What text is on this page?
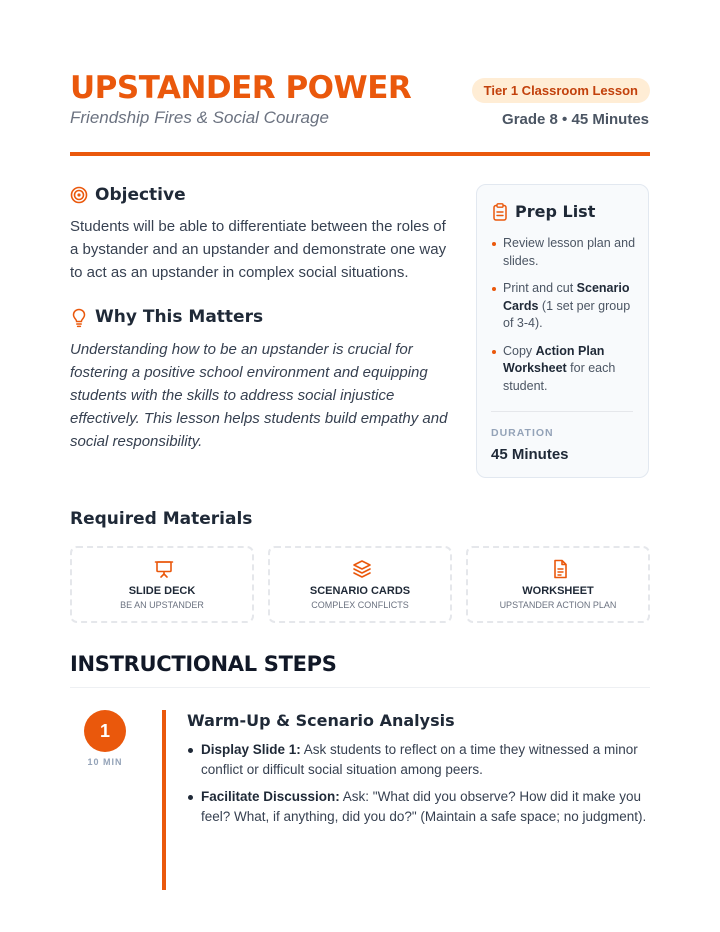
UPSTANDER POWER
Friendship Fires & Social Courage
Tier 1 Classroom Lesson
Grade 8 • 45 Minutes
Objective
Students will be able to differentiate between the roles of a bystander and an upstander and demonstrate one way to act as an upstander in complex social situations.
Why This Matters
Understanding how to be an upstander is crucial for fostering a positive school environment and equipping students with the skills to address social injustice effectively. This lesson helps students build empathy and social responsibility.
Prep List
Review lesson plan and slides.
Print and cut Scenario Cards (1 set per group of 3-4).
Copy Action Plan Worksheet for each student.
DURATION
45 Minutes
Required Materials
SLIDE DECK
BE AN UPSTANDER
SCENARIO CARDS
COMPLEX CONFLICTS
WORKSHEET
UPSTANDER ACTION PLAN
INSTRUCTIONAL STEPS
1
10 MIN
Warm-Up & Scenario Analysis
Display Slide 1: Ask students to reflect on a time they witnessed a minor conflict or difficult social situation among peers.
Facilitate Discussion: Ask: "What did you observe? How did it make you feel? What, if anything, did you do?" (Maintain a safe space; no judgment).
